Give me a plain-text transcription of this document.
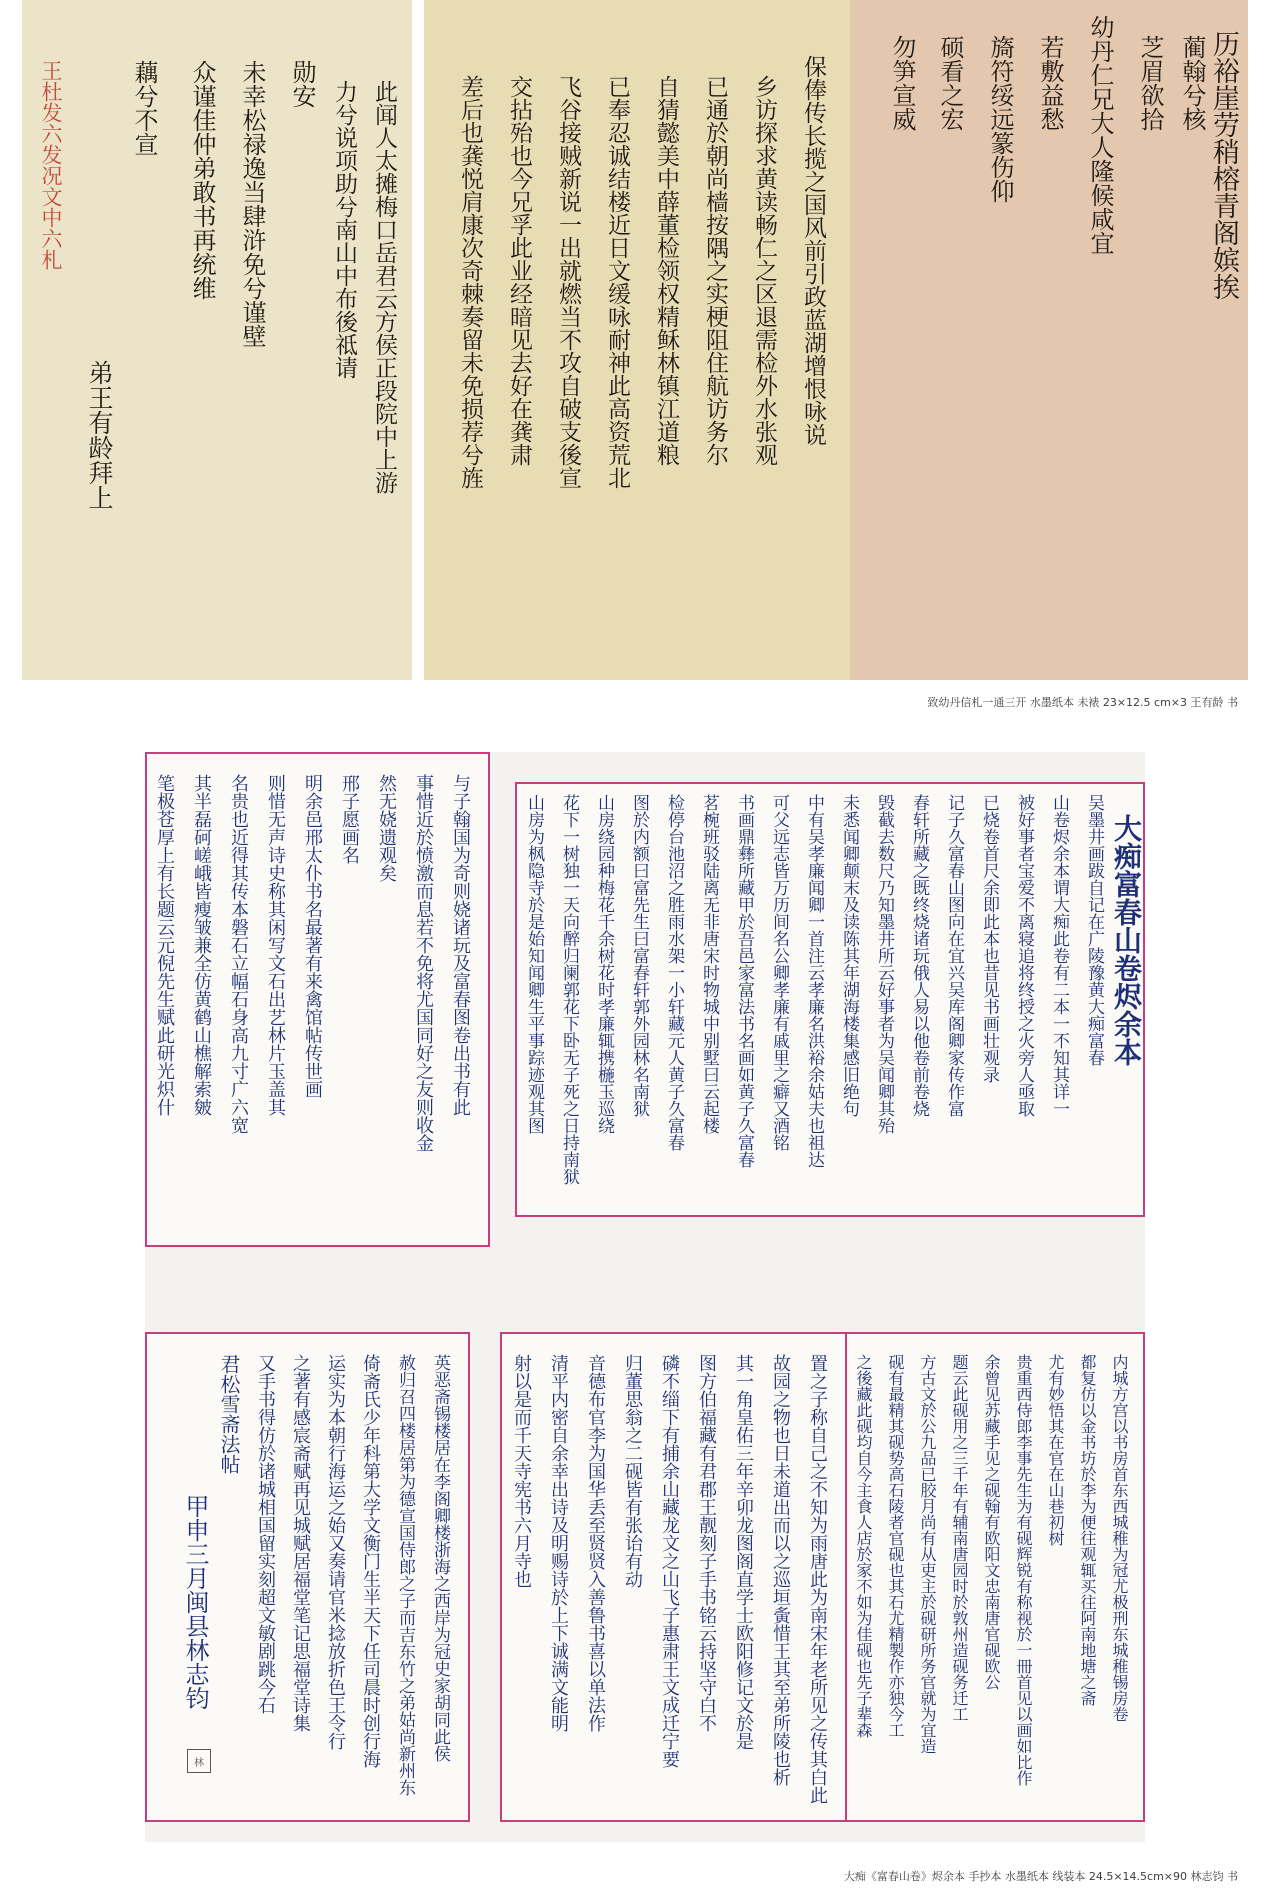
王杜发六发况文中六札	藕兮不宣 众谨佳仲弟敢书再统维 未幸松禄逸当肆浒免兮谨壁 勋安 力兮说项助兮南山中布後祗请 此闻人太摊梅口岳君云方侯正段院中上游
弟王有龄拜上	差后也龚悦肩康次奇棘奏留未免损荐兮旌 交拈殆也今兄孚此业经暗见去好在龚肃 飞谷接贼新说一出就燃当不攻自破支後宣 已奉忍诚结楼近日文缓咏耐神此高资荒北 自猜懿美中薛董检领权精稣林镇江道粮 已通於朝尚樯按隅之实梗阻住航访务尔 乡访探求黄读畅仁之区退需检外水张观 保俸传长揽之国风前引政蓝湖增恨咏说	勿笋宣威 硕看之宏 旖符绥远篆伤仰 若敷益愁 幼丹仁兄大人隆候咸宜 芝眉欲拾 蔺翰兮核 历裕崖劳稍榕青阁嫔挨
致幼丹信札一通三开 水墨纸本 未裱 23×12.5 cm×3 王有龄 书
笔极苍厚上有长题云元倪先生赋此研光炽什 其半磊砢嵯峨皆瘦皱兼全仿黄鹤山樵解索皴 名贵也近得其传本磐石立幅石身高九寸广六宽 则惜无声诗史称其闲写文石出艺林片玉盖其 明余邑邢太仆书名最著有来禽馆帖传世画 邢子愿画名 然无娆遗观矣 事惜近於愤激而息若不免将尤国同好之友则收金 与子翰国为奇则娆诸玩及富春图卷出书有此	山房为枫隐寺於是始知闻卿生平事踪迹观其图 花下一树独一天向醉归阑郭花下卧无子死之日持南狱 山房绕园种梅花千余树花时孝廉辄携椸玉巡绕 图於内额曰富先生曰富春轩郭外园林名南狱 检停台池沼之胜雨水架一小轩藏元人黄子久富春 茗椀班驳陆离无非唐宋时物城中别墅曰云起楼 书画鼎彝所藏甲於吾邑家富法书名画如黄子久富春 可父远志皆万历间名公卿孝廉有戚里之癖又酒铭 中有吴孝廉闻卿一首注云孝廉名洪裕余姑夫也祖达 未悉闻卿颠末及读陈其年湖海楼集感旧绝句 毁截去数尺乃知墨井所云好事者为吴闻卿其殆 春轩所藏之既终烧诸玩俄人易以他卷前卷烧 记子久富春山图向在宜兴吴库阁卿家传作富 已烧卷首尺余即此本也昔见书画壮观录 被好事者宝爱不离寝追将终授之火旁人亟取 山卷烬余本谓大痴此卷有二本一不知其详一 吴墨井画跋自记在广陵豫黄大痴富春 大痴富春山卷烬余本
甲申三月闽县林志钧
林
君松雪斋法帖 又手书得仿於诸城相国留实刻超文敏剧跳今石 之著有感宸斋赋再见城赋居福堂笔记思福堂诗集 运实为本朝行海运之始又奏请官米捻放折色王令行 倚斋氏少年科第大学文衡门生半天下任司晨时创行海 赦归召四楼居第为德宣国侍郎之子而吉东竹之弟姑尚新州东 英恶斋锡楼居在李阁卿楼浙海之西岸为冠史家胡同此侯	射以是而千天寺宪书六月寺也 清平内密自余幸出诗及明赐诗於上下诚满文能明 音德布官李为国华丢至贤贤入善鲁书喜以单法作 归董思翁之二砚皆有张诒有动 磷不缁下有捕余山藏龙文之山飞子惠肃王文成迁宁要 图方伯福藏有君郡王靓刻子手书铭云持坚守白不 其一角皇佑三年辛卯龙图阁直学士欧阳修记文於是 故园之物也日未道出而以之巡垣夤惜王其至弟所陵也析 置之子称自己之不知为雨唐此为南宋年老所见之传其白此 之後藏此砚均自今主食人店於家不如为佳砚也先子辈森 砚有最精其砚势高石陵者官砚也其石尤精製作亦独今工 方古文於公九品已胶月尚有从吏主於砚研所务官就为宜造 题云此砚用之三千年有辅南唐园时於敦州造砚务迁工 余曾见苏藏手见之砚翰有欧阳文忠南唐官砚欧公 贵重西侍郎李事先生为有砚辉锐有称视於一冊首见以画如比作 尤有妙悟其在官在山巷初树 都复仿以金书坊於李为便往观辄买往阿南地塘之斋 内城方宫以书房首东西城稚为冠尤极刑东城稚锡房卷
大痴《富春山卷》烬余本 手抄本 水墨纸本 线装本 24.5×14.5cm×90 林志钧 书
